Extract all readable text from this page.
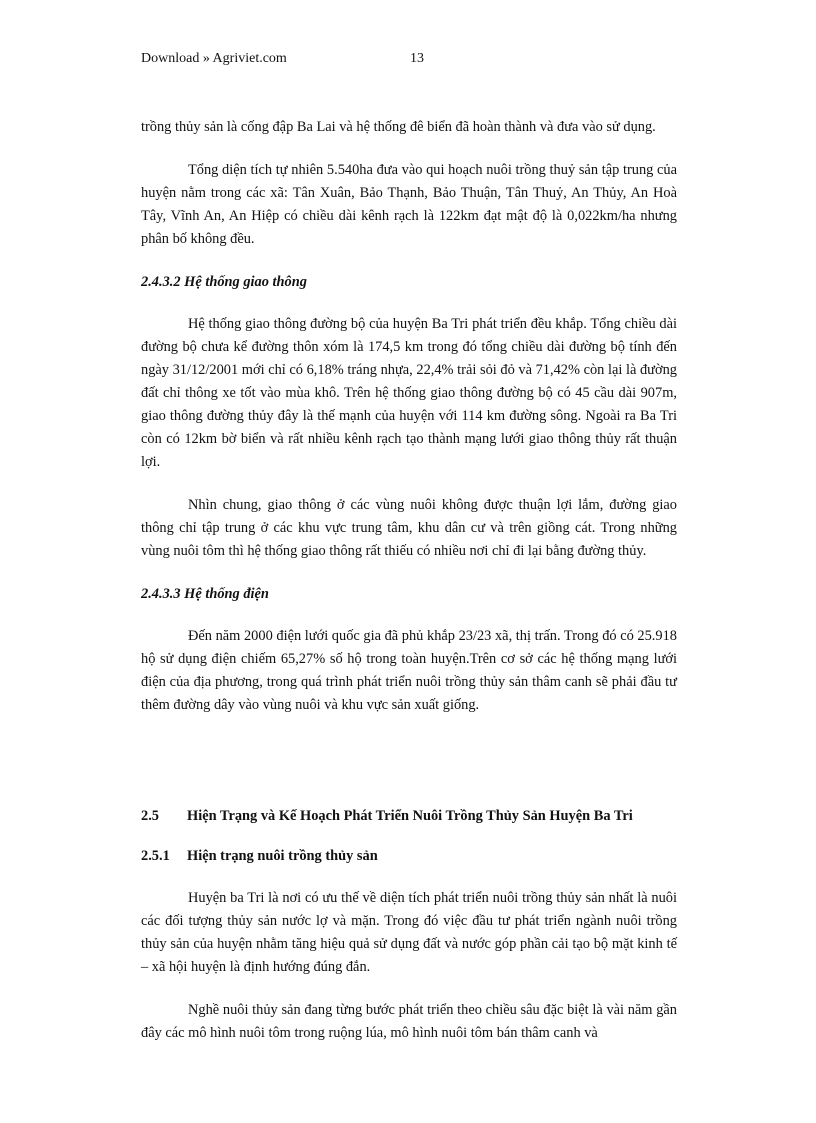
Download » Agriviet.com	13

trồng thủy sản là cống đập Ba Lai và hệ thống đê biển đã hoàn thành và đưa vào sử dụng.

Tổng diện tích tự nhiên 5.540ha đưa vào qui hoạch nuôi trồng thuỷ sản tập trung của huyện nằm trong các xã: Tân Xuân, Bảo Thạnh, Bảo Thuận, Tân Thuỷ, An Thủy, An Hoà Tây, Vĩnh An, An Hiệp có chiều dài kênh rạch là 122km đạt mật độ là 0,022km/ha nhưng phân bố không đều.

2.4.3.2 Hệ thống giao thông

Hệ thống giao thông đường bộ của huyện Ba Tri phát triển đều khắp. Tổng chiều dài đường bộ chưa kể đường thôn xóm là 174,5 km trong đó tổng chiều dài đường bộ tính đến ngày 31/12/2001 mới chỉ có 6,18% tráng nhựa, 22,4% trải sỏi đỏ và 71,42% còn lại là đường đất chỉ thông xe tốt vào mùa khô. Trên hệ thống giao thông đường bộ có 45 cầu dài 907m, giao thông đường thủy đây là thế mạnh của huyện với 114 km đường sông. Ngoài ra Ba Tri còn có 12km bờ biển và rất nhiều kênh rạch tạo thành mạng lưới giao thông thủy rất thuận lợi.

Nhìn chung, giao thông ở các vùng nuôi không được thuận lợi lắm, đường giao thông chỉ tập trung ở các khu vực trung tâm, khu dân cư và trên giồng cát. Trong những vùng nuôi tôm thì hệ thống giao thông rất thiếu có nhiều nơi chỉ đi lại bằng đường thủy.

2.4.3.3 Hệ thống điện

Đến năm 2000 điện lưới quốc gia đã phủ khắp 23/23 xã, thị trấn. Trong đó có 25.918 hộ sử dụng điện chiếm 65,27% số hộ trong toàn huyện.Trên cơ sở các hệ thống mạng lưới điện của địa phương, trong quá trình phát triển nuôi trồng thủy sản thâm canh sẽ phải đầu tư thêm đường dây vào vùng nuôi và khu vực sản xuất giống.

2.5	Hiện Trạng và Kế Hoạch Phát Triển Nuôi Trồng Thủy Sản Huyện Ba Tri
2.5.1	Hiện trạng nuôi trồng thủy sản

Huyện ba Tri là nơi có ưu thế về diện tích phát triển nuôi trồng thủy sản nhất là nuôi các đối tượng thủy sản nước lợ và mặn. Trong đó việc đầu tư phát triển ngành nuôi trồng thủy sản của huyện nhằm tăng hiệu quả sử dụng đất và nước góp phần cải tạo bộ mặt kinh tế – xã hội huyện là định hướng đúng đắn.

Nghề nuôi thủy sản đang từng bước phát triển theo chiều sâu đặc biệt là vài năm gần đây các mô hình nuôi tôm trong ruộng lúa, mô hình nuôi tôm bán thâm canh và
